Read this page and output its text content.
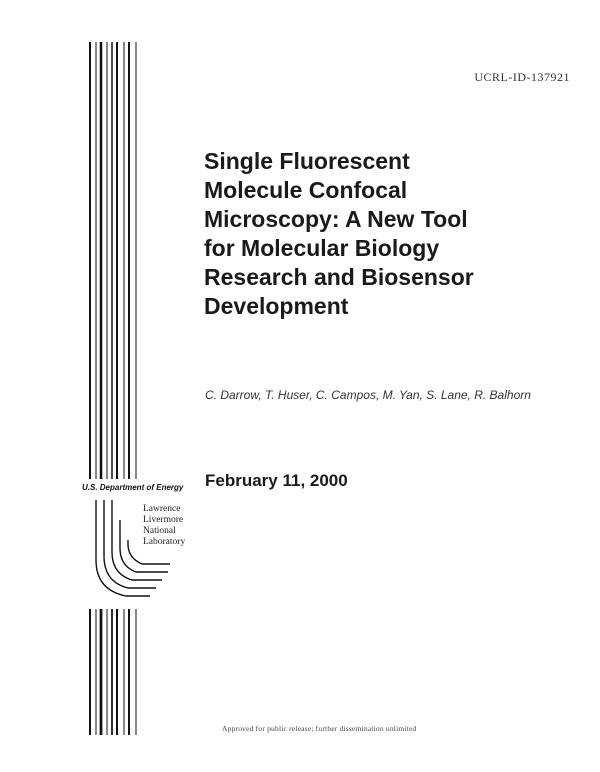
UCRL-ID-137921
Single Fluorescent
Molecule Confocal
Microscopy: A New Tool
for Molecular Biology
Research and Biosensor
Development
C. Darrow, T. Huser, C. Campos, M. Yan, S. Lane, R. Balhorn
February 11, 2000
U.S. Department of Energy
Lawrence
Livermore
National
Laboratory
Approved for public release; further dissemination unlimited
